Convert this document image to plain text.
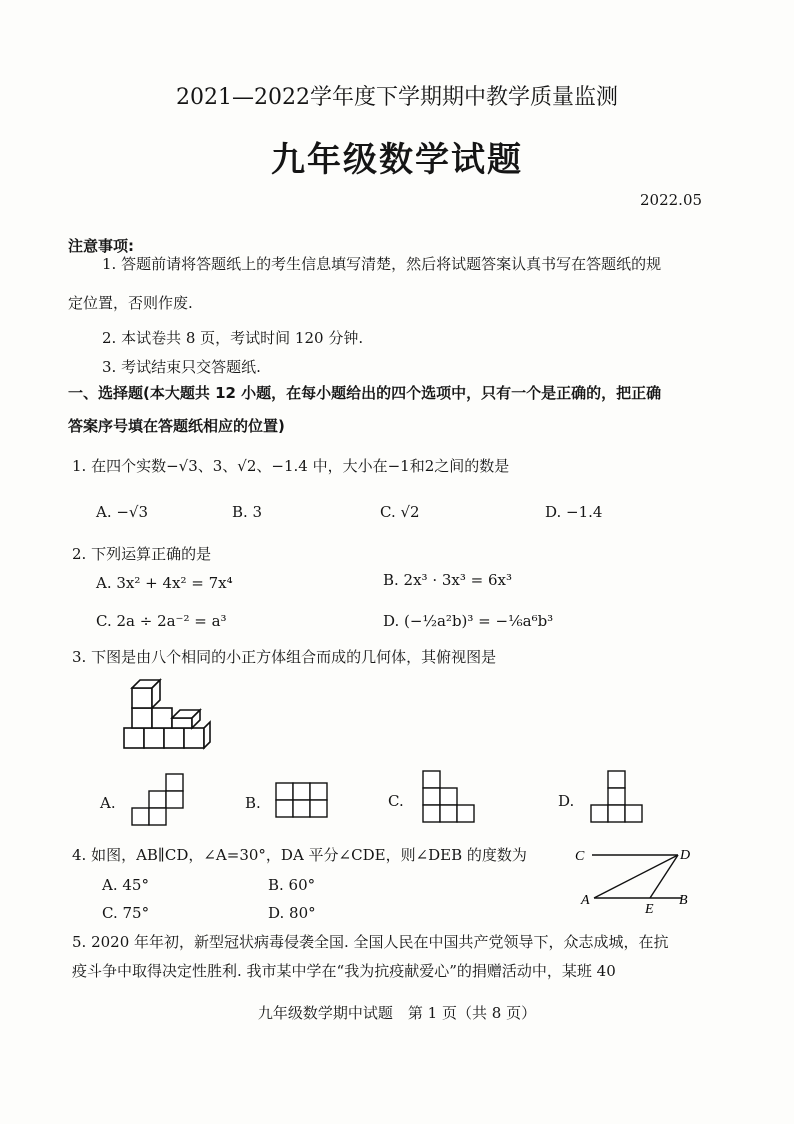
2021—2022学年度下学期期中教学质量监测
九年级数学试题
2022.05
注意事项:
1. 答题前请将答题纸上的考生信息填写清楚，然后将试题答案认真书写在答题纸的规
定位置，否则作废.
2. 本试卷共 8 页，考试时间 120 分钟.
3. 考试结束只交答题纸.
一、选择题(本大题共 12 小题，在每小题给出的四个选项中，只有一个是正确的，把正确
答案序号填在答题纸相应的位置)
1. 在四个实数−√3、3、√2、−1.4 中，大小在−1和2之间的数是
A. −√3	B. 3	C. √2	D. −1.4
2. 下列运算正确的是
A. 3x² + 4x² = 7x⁴	B. 2x³ · 3x³ = 6x³
C. 2a ÷ 2a⁻² = a³	D. (−½a²b)³ = −⅙a⁶b³
3. 下图是由八个相同的小正方体组合而成的几何体，其俯视图是
A.	B.	C.	D.
4. 如图，AB∥CD，∠A=30°，DA 平分∠CDE，则∠DEB 的度数为
A. 45°	B. 60°
C. 75°	D. 80°
C	D
A
E
B
5. 2020 年年初，新型冠状病毒侵袭全国. 全国人民在中国共产党领导下，众志成城，在抗
疫斗争中取得决定性胜利. 我市某中学在“我为抗疫献爱心”的捐赠活动中，某班 40
九年级数学期中试题　第 1 页（共 8 页）
